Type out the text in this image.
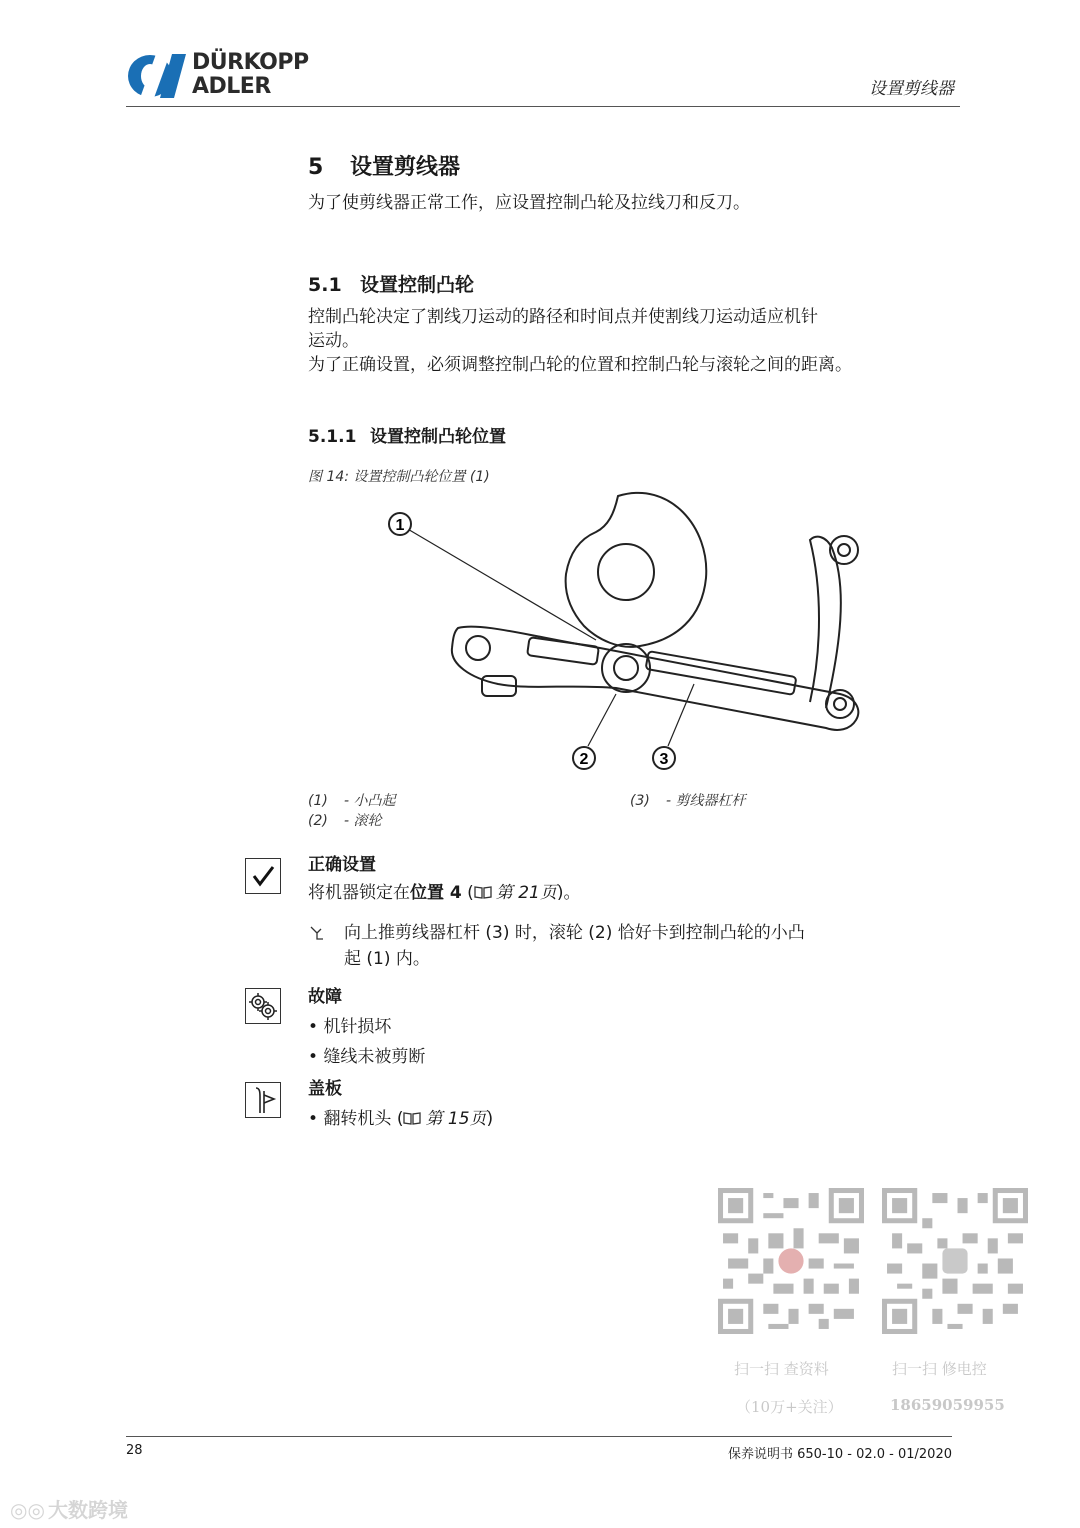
DÜRKOPP
ADLER	设置剪线器
5 设置剪线器
为了使剪线器正常工作，应设置控制凸轮及拉线刀和反刀。
5.1 设置控制凸轮
控制凸轮决定了割线刀运动的路径和时间点并使割线刀运动适应机针
运动。
为了正确设置，必须调整控制凸轮的位置和控制凸轮与滚轮之间的距离。
5.1.1 设置控制凸轮位置
图 14: 设置控制凸轮位置 (1)
1
2	3
(1) - 小凸起
(2) - 滚轮
(3) - 剪线器杠杆
正确设置
将机器锁定在位置 4 ( 第 21页)。
向上推剪线器杠杆 (3) 时，滚轮 (2) 恰好卡到控制凸轮的小凸
起 (1) 内。
故障
• 机针损坏
• 缝线未被剪断
盖板
• 翻转机头 ( 第 15页)
扫一扫 查资料
（10万+关注）
扫一扫 修电控
18659059955
28	保养说明书 650-10 - 02.0 - 01/2020
◎◎ 大数跨境
